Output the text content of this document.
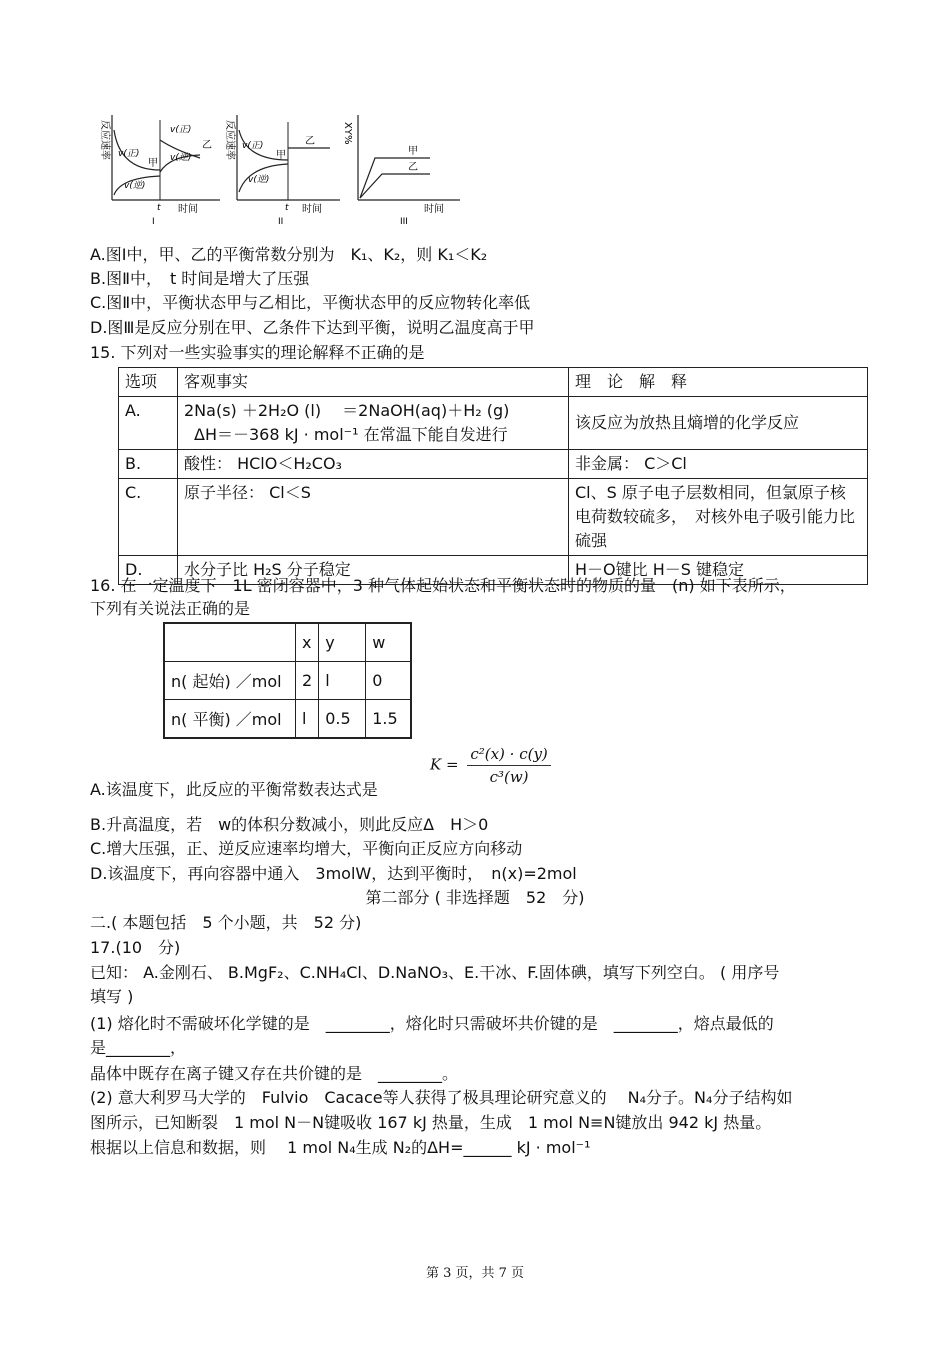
反应速率 v(正)
v(逆)
v(正)
v(逆)
甲
乙
t 时间
I
反应速率 v(正)
v(逆)
甲
乙
t 时间
II
XY%
甲
乙
时间
III
A.图Ⅰ中，甲、乙的平衡常数分别为　K₁、K₂，则 K₁＜K₂
B.图Ⅱ中，　t 时间是增大了压强
C.图Ⅱ中，平衡状态甲与乙相比，平衡状态甲的反应物转化率低
D.图Ⅲ是反应分别在甲、乙条件下达到平衡，说明乙温度高于甲
15. 下列对一些实验事实的理论解释不正确的是
选项	客观事实	理　论　解　释
A.	2Na(s) ＋2H₂O (l)　 ＝2NaOH(aq)＋H₂ (g)
ΔH＝－368 kJ · mol⁻¹ 在常温下能自发进行	该反应为放热且熵增的化学反应
B.	酸性： HClO＜H₂CO₃	非金属： C＞Cl
C.	原子半径： Cl＜S	Cl、S 原子电子层数相同，但氯原子核电荷数较硫多，　对核外电子吸引能力比硫强
D.	水分子比 H₂S 分子稳定	H－O键比 H－S 键稳定
16. 在一定温度下　1L 密闭容器中，3 种气体起始状态和平衡状态时的物质的量　(n) 如下表所示，
下列有关说法正确的是
	x	y	w
n( 起始) ／mol	2	l	0
n( 平衡) ／mol	l	0.5	1.5
$K = \frac{\text{c²(x) · c(y)}}{\text{c³(w)}}$
A.该温度下，此反应的平衡常数表达式是
B.升高温度，若　w的体积分数减小，则此反应Δ　H＞0
C.增大压强，正、逆反应速率均增大，平衡向正反应方向移动
D.该温度下，再向容器中通入　3molW，达到平衡时，　n(x)=2mol
第二部分 ( 非选择题　52　分)
二.( 本题包括　5 个小题，共　52 分)
17.(10　分)
已知： A.金刚石、 B.MgF₂、C.NH₄Cl、D.NaNO₃、E.干冰、F.固体碘，填写下列空白。 ( 用序号
填写 )
(1) 熔化时不需破坏化学键的是　________，熔化时只需破坏共价键的是　________，熔点最低的
是________，
晶体中既存在离子键又存在共价键的是　________。
(2) 意大利罗马大学的　Fulvio　Cacace等人获得了极具理论研究意义的　 N₄分子。N₄分子结构如
图所示，已知断裂　1 mol N－N键吸收 167 kJ 热量，生成　1 mol N≡N键放出 942 kJ 热量。
根据以上信息和数据，则　 1 mol N₄生成 N₂的ΔH=______ kJ · mol⁻¹
第 3 页，共 7 页
